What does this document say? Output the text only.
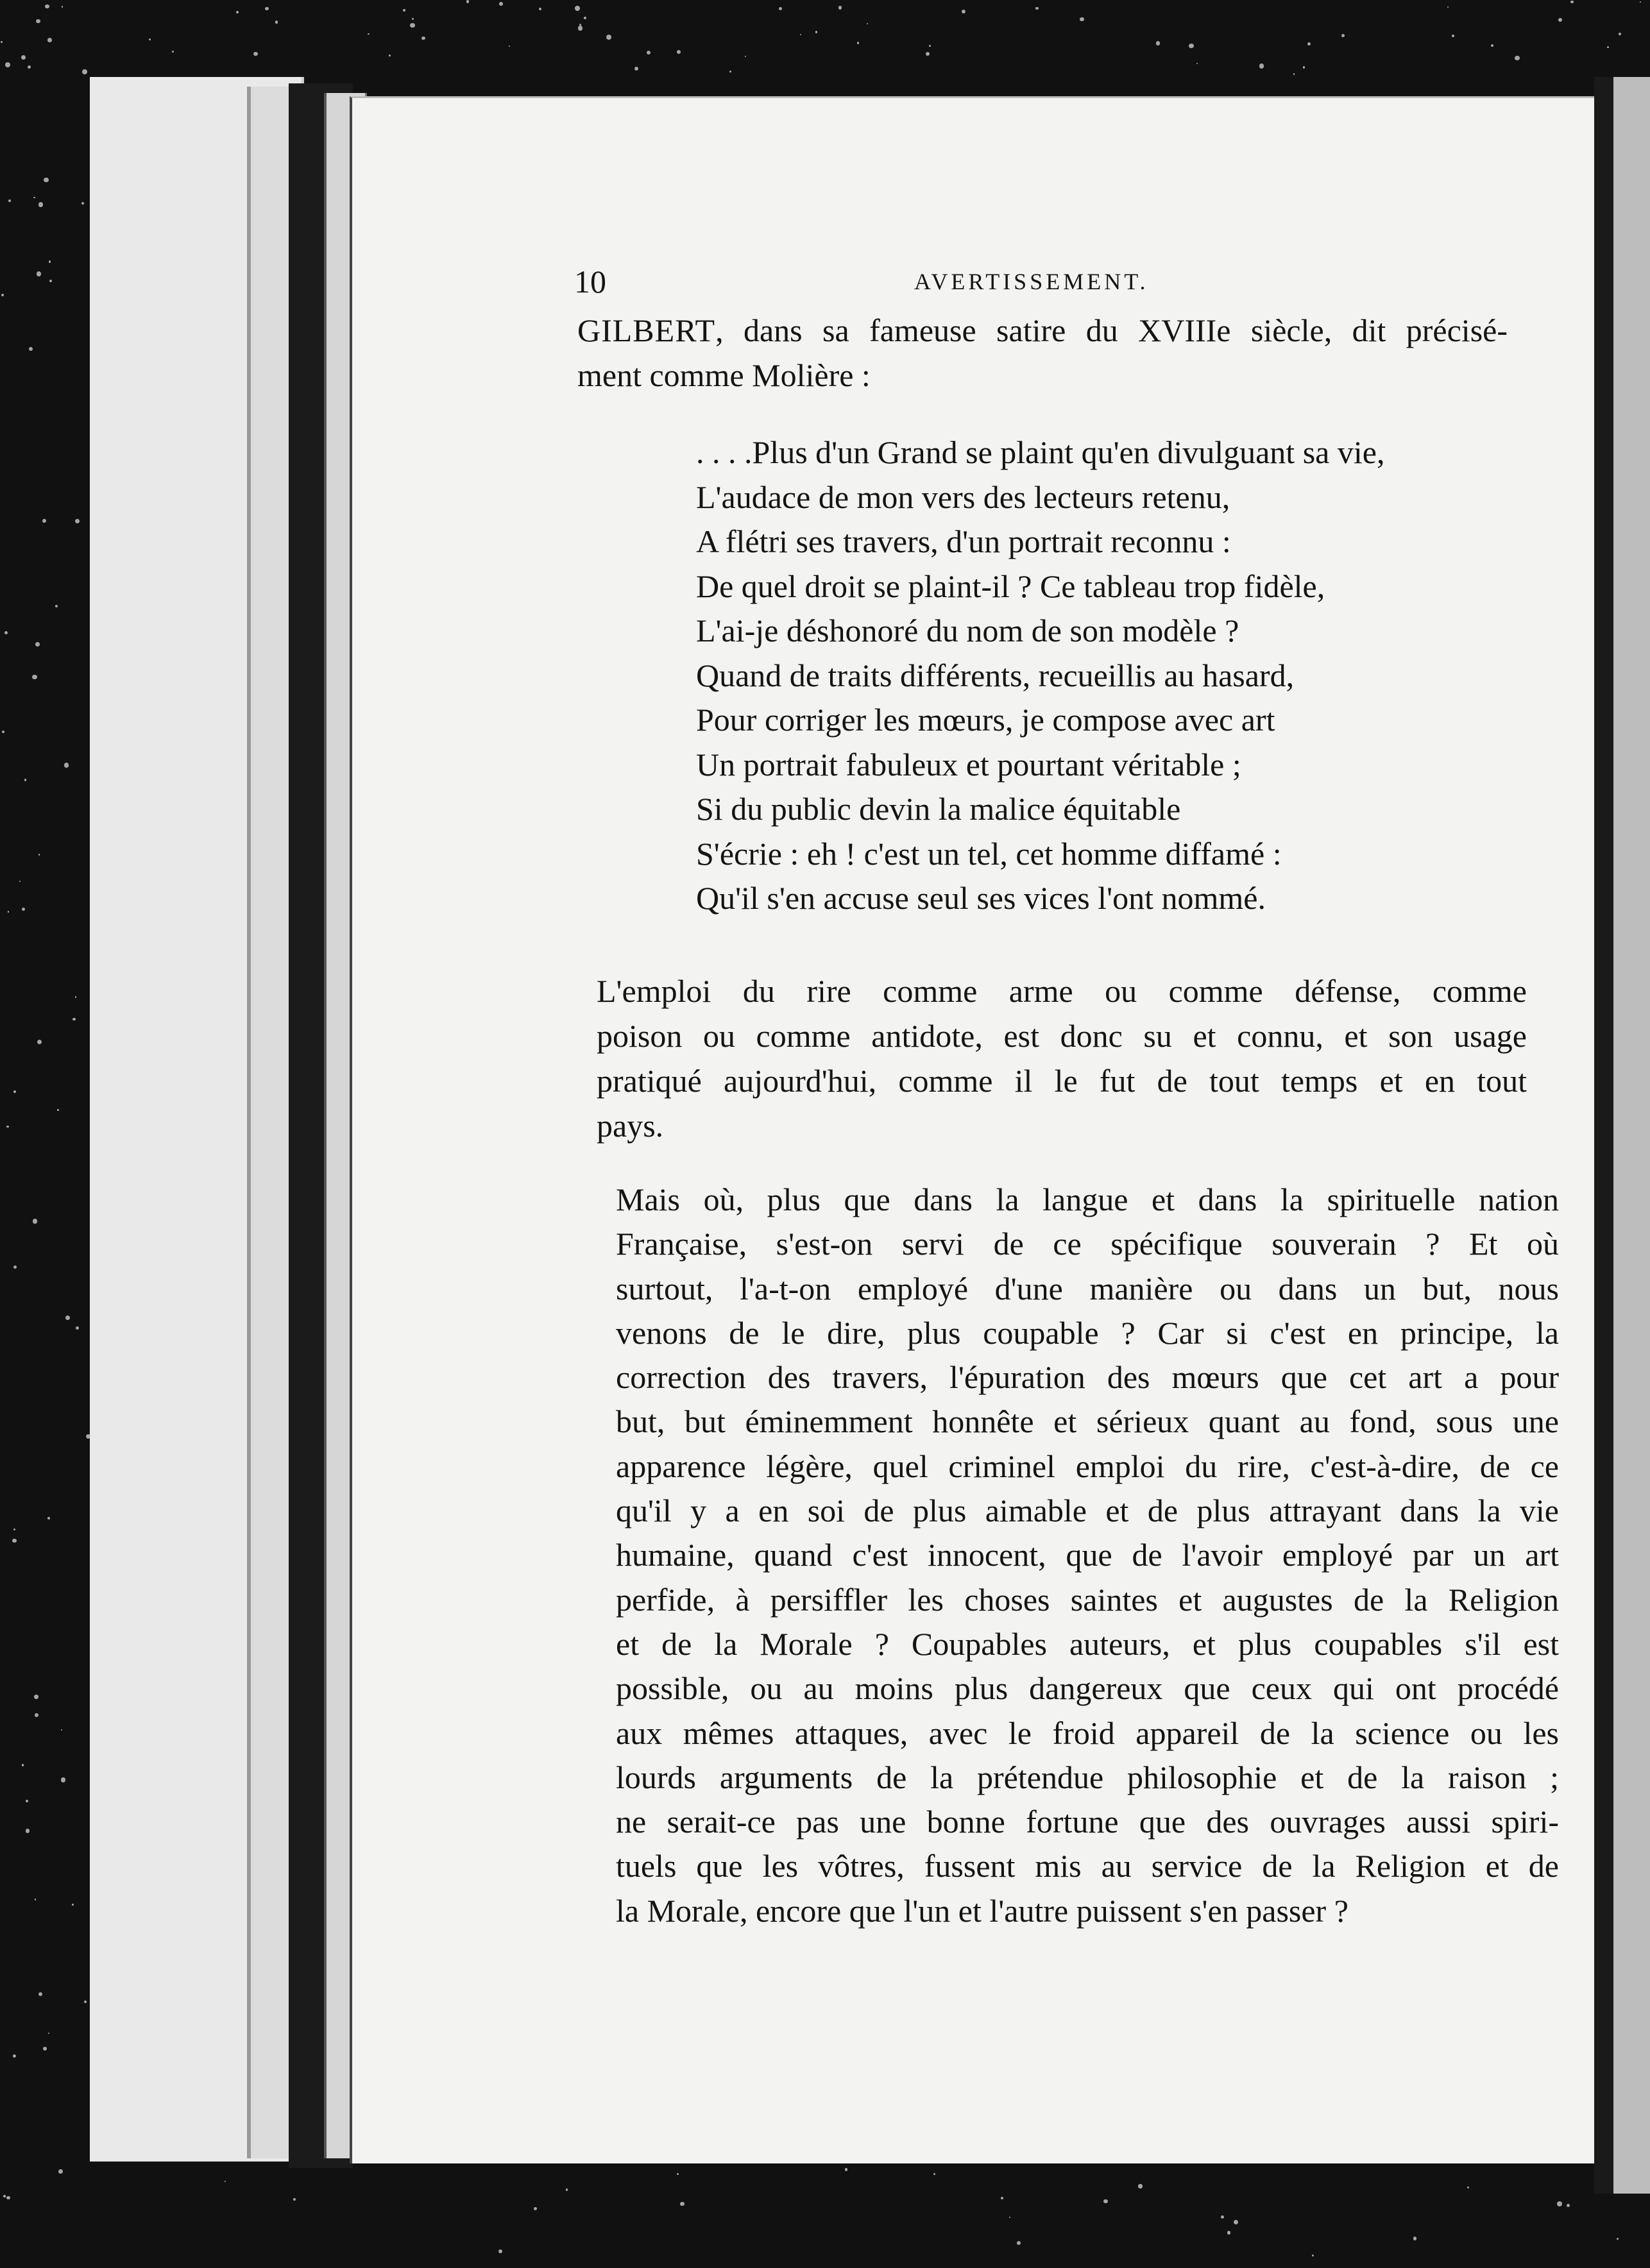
10	AVERTISSEMENT.
GILBERT, dans sa fameuse satire du XVIIIe siècle, dit précisé-
ment comme Molière :
. . . .Plus d'un Grand se plaint qu'en divulguant sa vie,
L'audace de mon vers des lecteurs retenu,
A flétri ses travers, d'un portrait reconnu :
De quel droit se plaint-il ? Ce tableau trop fidèle,
L'ai-je déshonoré du nom de son modèle ?
Quand de traits différents, recueillis au hasard,
Pour corriger les mœurs, je compose avec art
Un portrait fabuleux et pourtant véritable ;
Si du public devin la malice équitable
S'écrie : eh ! c'est un tel, cet homme diffamé :
Qu'il s'en accuse seul ses vices l'ont nommé.
L'emploi du rire comme arme ou comme défense, comme
poison ou comme antidote, est donc su et connu, et son usage
pratiqué aujourd'hui, comme il le fut de tout temps et en tout
pays.
Mais où, plus que dans la langue et dans la spirituelle nation
Française, s'est-on servi de ce spécifique souverain ? Et où
surtout, l'a-t-on employé d'une manière ou dans un but, nous
venons de le dire, plus coupable ? Car si c'est en principe, la
correction des travers, l'épuration des mœurs que cet art a pour
but, but éminemment honnête et sérieux quant au fond, sous une
apparence légère, quel criminel emploi du rire, c'est-à-dire, de ce
qu'il y a en soi de plus aimable et de plus attrayant dans la vie
humaine, quand c'est innocent, que de l'avoir employé par un art
perfide, à persiffler les choses saintes et augustes de la Religion
et de la Morale ? Coupables auteurs, et plus coupables s'il est
possible, ou au moins plus dangereux que ceux qui ont procédé
aux mêmes attaques, avec le froid appareil de la science ou les
lourds arguments de la prétendue philosophie et de la raison ;
ne serait-ce pas une bonne fortune que des ouvrages aussi spiri-
tuels que les vôtres, fussent mis au service de la Religion et de
la Morale, encore que l'un et l'autre puissent s'en passer ?
